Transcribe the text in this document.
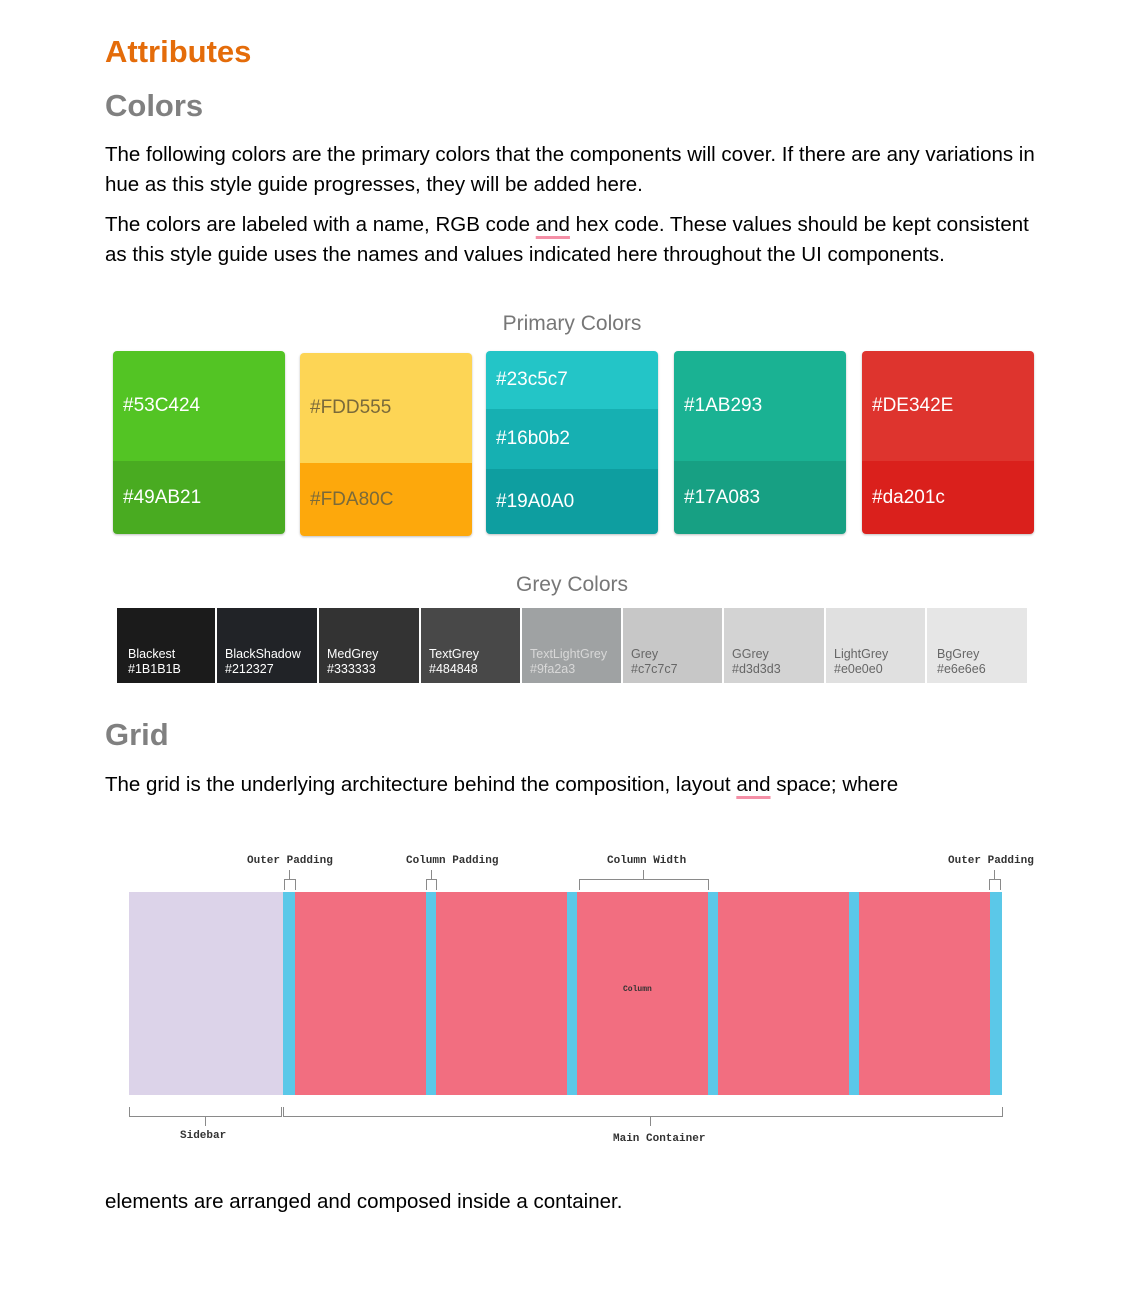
Attributes
Colors
The following colors are the primary colors that the components will cover. If there are any variations in hue as this style guide progresses, they will be added here.
The colors are labeled with a name, RGB code and hex code. These values should be kept consistent as this style guide uses the names and values indicated here throughout the UI components.
Primary Colors
#53C424
#49AB21
#FDD555
#FDA80C
#23c5c7
#16b0b2
#19A0A0
#1AB293
#17A083
#DE342E
#da201c
Grey Colors
Blackest
#1B1B1B
BlackShadow
#212327
MedGrey
#333333
TextGrey
#484848
TextLightGrey
#9fa2a3
Grey
#c7c7c7
GGrey
#d3d3d3
LightGrey
#e0e0e0
BgGrey
#e6e6e6
Grid
The grid is the underlying architecture behind the composition, layout and space; where
Outer Padding	Column Padding	Column Width	Outer Padding
Column
Sidebar	Main Container
elements are arranged and composed inside a container.
